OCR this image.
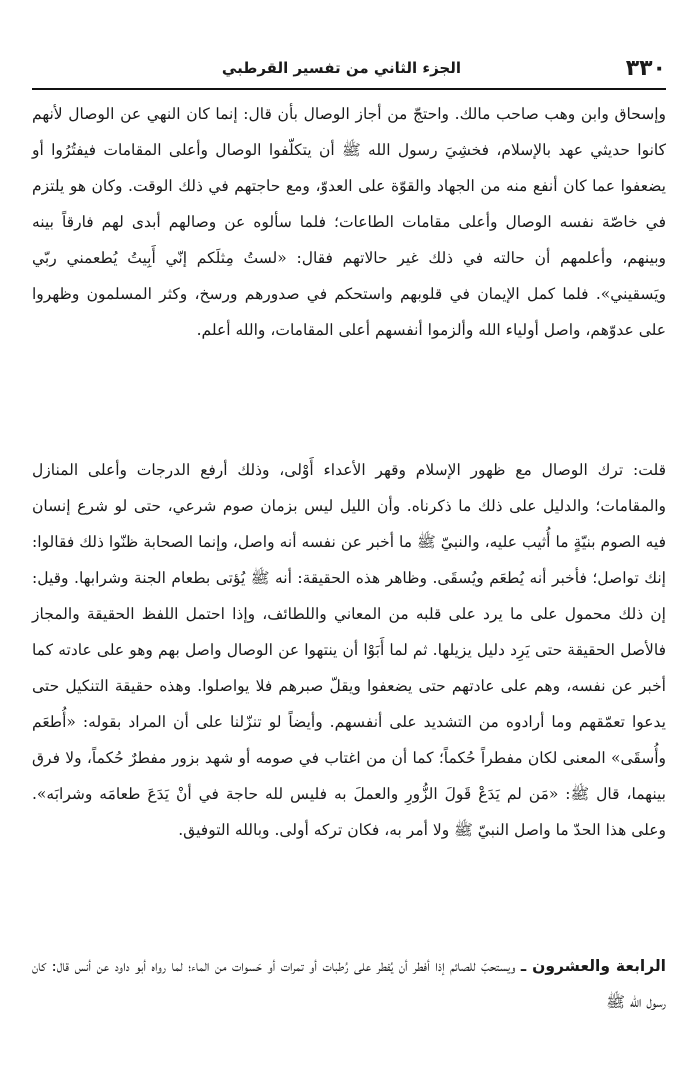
٣٣٠
الجزء الثاني من تفسير القرطبي

وإسحاق وابن وهب صاحب مالك. واحتجّ من أجاز الوصال بأن قال: إنما كان النهي عن الوصال لأنهم كانوا حديثي عهد بالإسلام، فخشِيَ رسول الله ﷺ أن يتكلّفوا الوصال وأعلى المقامات فيفتُرُوا أو يضعفوا عما كان أنفع منه من الجهاد والقوّة على العدوّ، ومع حاجتهم في ذلك الوقت. وكان هو يلتزم في خاصّة نفسه الوصال وأعلى مقامات الطاعات؛ فلما سألوه عن وصالهم أبدى لهم فارقاً بينه وبينهم، وأعلمهم أن حالته في ذلك غير حالاتهم فقال: «لستُ مِثلَكم إنّي أَبِيتُ يُطعمني ربّي ويَسقيني». فلما كمل الإيمان في قلوبهم واستحكم في صدورهم ورسخ، وكثر المسلمون وظهروا على عدوّهم، واصل أولياء الله وألزموا أنفسهم أعلى المقامات، والله أعلم.

قلت: ترك الوصال مع ظهور الإسلام وقهر الأعداء أَوْلى، وذلك أرفع الدرجات وأعلى المنازل والمقامات؛ والدليل على ذلك ما ذكرناه. وأن الليل ليس بزمان صوم شرعي، حتى لو شرع إنسان فيه الصوم بنيّةٍ ما أُثيب عليه، والنبيّ ﷺ ما أخبر عن نفسه أنه واصل، وإنما الصحابة ظنّوا ذلك فقالوا: إنك تواصل؛ فأخبر أنه يُطعَم ويُسقَى. وظاهر هذه الحقيقة: أنه ﷺ يُؤتى بطعام الجنة وشرابها. وقيل: إن ذلك محمول على ما يرد على قلبه من المعاني واللطائف، وإذا احتمل اللفظ الحقيقة والمجاز فالأصل الحقيقة حتى يَرِد دليل يزيلها. ثم لما أَبَوْا أن ينتهوا عن الوصال واصل بهم وهو على عادته كما أخبر عن نفسه، وهم على عادتهم حتى يضعفوا ويقلّ صبرهم فلا يواصلوا. وهذه حقيقة التنكيل حتى يدعوا تعمّقهم وما أرادوه من التشديد على أنفسهم. وأيضاً لو تنزّلنا على أن المراد بقوله: «أُطعَم وأُسقَى» المعنى لكان مفطراً حُكماً؛ كما أن من اغتاب في صومه أو شهد بزور مفطرٌ حُكماً، ولا فرق بينهما، قال ﷺ: «مَن لم يَدَعْ قَولَ الزُّورِ والعملَ به فليس لله حاجة في أنْ يَدَعَ طعامَه وشرابَه». وعلى هذا الحدّ ما واصل النبيّ ﷺ ولا أمر به، فكان تركه أولى. وبالله التوفيق.

الرابعة والعشرون ـ ويستحبّ للصائم إذا أفطر أن يُفطر على رُطبات أو تمرات أو حَسوات من الماء؛ لما رواه أبو داود عن أنس قال: كان رسول الله ﷺ
